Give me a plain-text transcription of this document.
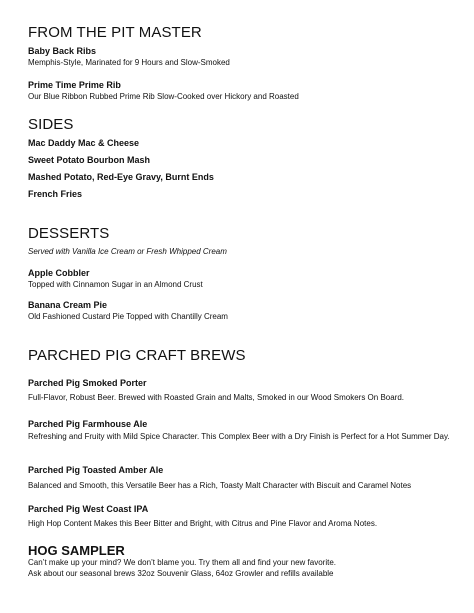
FROM THE PIT MASTER
Baby Back Ribs
Memphis-Style, Marinated for 9 Hours and Slow-Smoked
Prime Time Prime Rib
Our Blue Ribbon Rubbed Prime Rib Slow-Cooked over Hickory and Roasted
SIDES
Mac Daddy Mac & Cheese
Sweet Potato Bourbon Mash
Mashed Potato, Red-Eye Gravy, Burnt Ends
French Fries
DESSERTS
Served with Vanilla Ice Cream or Fresh Whipped Cream
Apple Cobbler
Topped with Cinnamon Sugar in an Almond Crust
Banana Cream Pie
Old Fashioned Custard Pie Topped with Chantilly Cream
PARCHED PIG CRAFT BREWS
Parched Pig Smoked Porter
Full-Flavor, Robust Beer. Brewed with Roasted Grain and Malts, Smoked in our Wood Smokers On Board.
Parched Pig Farmhouse Ale
Refreshing and Fruity with Mild Spice Character. This Complex Beer with a Dry Finish is Perfect for a Hot Summer Day.
Parched Pig Toasted Amber Ale
Balanced and Smooth, this Versatile Beer has a Rich, Toasty Malt Character with Biscuit and Caramel Notes
Parched Pig West Coast IPA
High Hop Content Makes this Beer Bitter and Bright, with Citrus and Pine Flavor and Aroma Notes.
HOG SAMPLER
Can’t make up your mind? We don’t blame you. Try them all and find your new favorite.
Ask about our seasonal brews 32oz Souvenir Glass, 64oz Growler and refills available
